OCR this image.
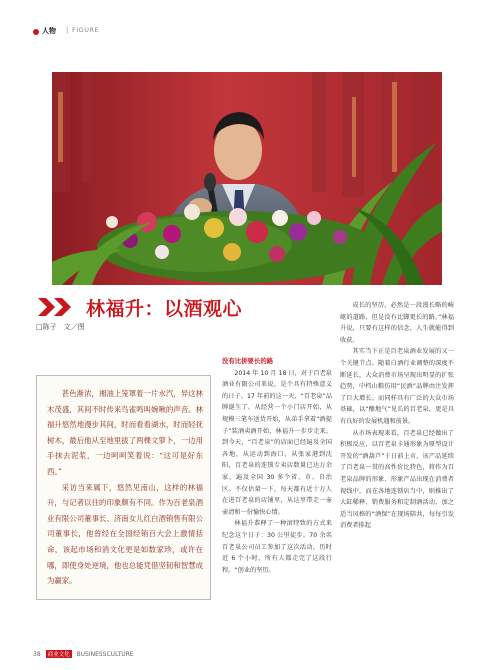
人物 | FIGURE
林福升：以酒观心
□陈子　文／图

甚色渐浓，湘油上笼罩着一片水汽，异这林木茂盛，其间不时传来鸟雀鸣叫婉啾的声音。林福升悠然地漫步其间，时而看看湖水，时而轻抚树木，最后他从至地里拔了两棵文箩卜，一边用手抹去泥浆，一边呵呵笑着说：“这可是好东西。”

采访当来属下，悠然见南山，这样的林福升，与记者以往的印象颇有不同。作为百老泉酒业有限公司董事长、济南女儿红白酒销售有限公司董事长，他曾经在全国经销百大会上激情括命，该起市场和消文化更是如数家珍，或许在哪，即使身处逆境，他也总能凭借坚韧和智慧成为赢家。

没有比拼要长的路

2014 年 10 月 18 日，对于百老泉酒业有限公司来说，是个具有特殊意义的日子。17 年前的这一天，“百老泉”品牌诞生了。从经营一个小门店开始，从规模三笔车送货开始，从弟手拿着“酒提子”装酒卖酒开始，林福升一步步走来。到今天，“百老泉”的店面已经遍及全国各地，从运动到海口，从张家港到沈阳，百老泉的连锁专卖店数量已达万余家，遍及全国 30 多个省、市、自治区。不仅估量一下，每天都有近十万人在进百老泉的店铺里，从这里带走一壶壶清和一份愉快心情。

林福升恭释了一种滚特致的方式来纪念这个日子：30 公里徒步。70 余名百老泉公司员工参加了这次活动，历时近 6 个小时，所有人都走完了这段行程。“创业的坚历。

成长的坚历，必然是一段漫长略的崎岖的道路，但是没有比脚更长的路。”林福升说，只要有这样的信念，人生就能得到收获。

其实当下正是百老泉酒业发展的又一个关键节点。随着白酒行业调整的深度不断延长，大众消费市场呈现出明显的扩张趋势，中档山粮仿用“民酒”品牌由注发挥了巨大增长。而同样具有广泛的大众市场基础，以“酿地气”见长的百老泉，更是具有良好的发展机遇和前景。

从市场表现来看，百老泉已经做出了积极反应，以百老泉卡通形象为原型设计开发的“酒葫芦”于日前上市，该产品延续了百老泉一贯的高性价比特色，将作为百老泉品牌的形象、形象产品出现在消费者视线中，而在各地连锁店当中，则推出了大缸稀释、销费服务和定制酒活动，加之适当风格的“酒保”在现场陪共，每每引发消费者排起

38 商业文化 BUSINESSCULTURE
